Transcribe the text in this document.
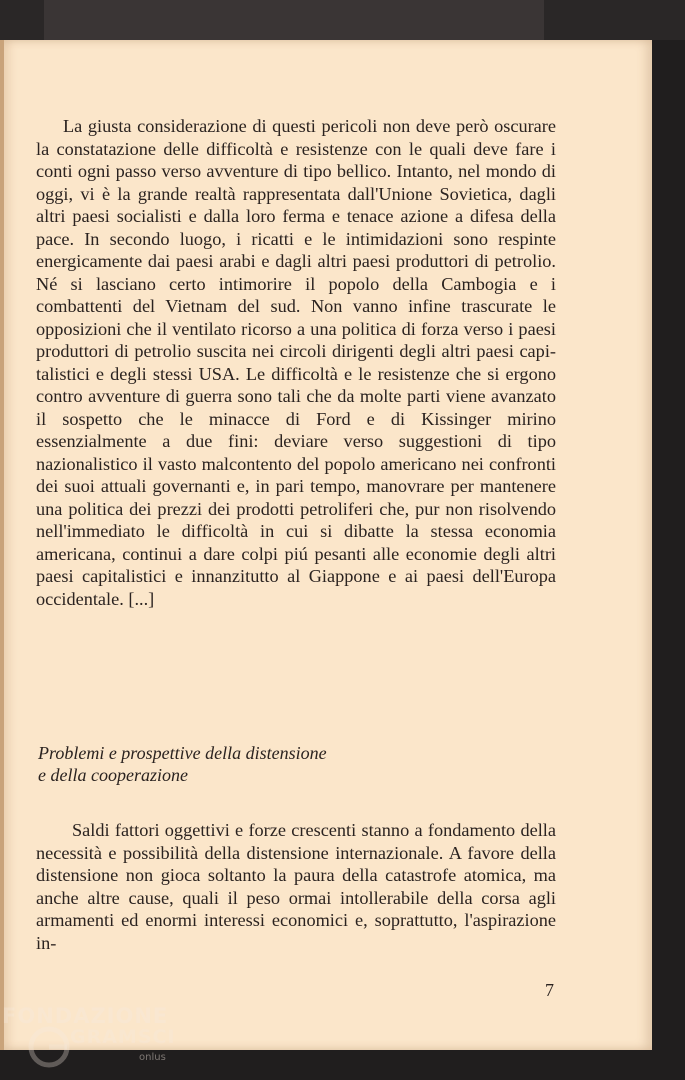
La giusta considerazione di questi pericoli non deve però oscurare la constatazione delle difficoltà e resistenze con le quali deve fare i conti ogni passo verso avventure di tipo bellico. Intanto, nel mondo di oggi, vi è la grande realtà rappresentata dall'Unione Sovietica, dagli altri paesi socialisti e dalla loro ferma e tenace azione a difesa della pace. In secondo luogo, i ricatti e le intimidazioni sono respinte energicamente dai paesi arabi e dagli altri paesi produttori di petrolio. Né si lasciano certo intimorire il popolo della Cambogia e i combattenti del Vietnam del sud. Non vanno infine trascurate le opposizioni che il ventilato ricorso a una politica di forza verso i paesi produttori di petrolio suscita nei circoli dirigenti degli altri paesi capitalistici e degli stessi USA. Le difficoltà e le resistenze che si ergono contro avventure di guerra sono tali che da molte parti viene avanzato il sospetto che le minacce di Ford e di Kissinger mirino essenzialmente a due fini: deviare verso suggestioni di tipo nazionalistico il vasto malcontento del popolo americano nei confronti dei suoi attuali governanti e, in pari tempo, manovrare per mantenere una politica dei prezzi dei prodotti petroliferi che, pur non risolvendo nell'immediato le difficoltà in cui si dibatte la stessa economia americana, continui a dare colpi piú pesanti alle economie degli altri paesi capitalistici e innanzitutto al Giappone e ai paesi dell'Europa occidentale. [...]

Problemi e prospettive della distensione
e della cooperazione

Saldi fattori oggettivi e forze crescenti stanno a fondamento della necessità e possibilità della distensione internazionale. A favore della distensione non gioca soltanto la paura della catastrofe atomica, ma anche altre cause, quali il peso ormai intollerabile della corsa agli armamenti ed enormi interessi economici e, soprattutto, l'aspirazione in-

7
FONDAZIONE
GRAMSCI
onlus
